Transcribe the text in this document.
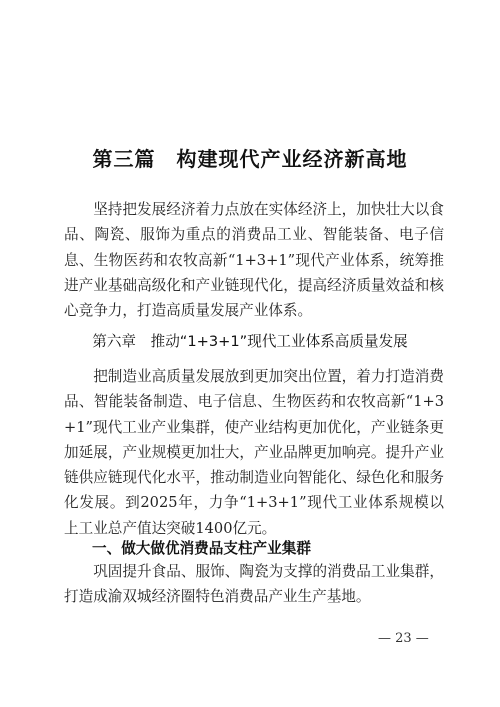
第三篇　构建现代产业经济新高地

坚持把发展经济着力点放在实体经济上，加快壮大以食品、陶瓷、服饰为重点的消费品工业、智能装备、电子信息、生物医药和农牧高新“1+3+1”现代产业体系，统筹推进产业基础高级化和产业链现代化，提高经济质量效益和核心竞争力，打造高质量发展产业体系。

第六章　推动“1+3+1”现代工业体系高质量发展

把制造业高质量发展放到更加突出位置，着力打造消费品、智能装备制造、电子信息、生物医药和农牧高新“1+3+1”现代工业产业集群，使产业结构更加优化，产业链条更加延展，产业规模更加壮大，产业品牌更加响亮。提升产业链供应链现代化水平，推动制造业向智能化、绿色化和服务化发展。到2025年，力争“1+3+1”现代工业体系规模以上工业总产值达突破1400亿元。

一、做大做优消费品支柱产业集群

巩固提升食品、服饰、陶瓷为支撑的消费品工业集群，打造成渝双城经济圈特色消费品产业生产基地。

— 23 —
